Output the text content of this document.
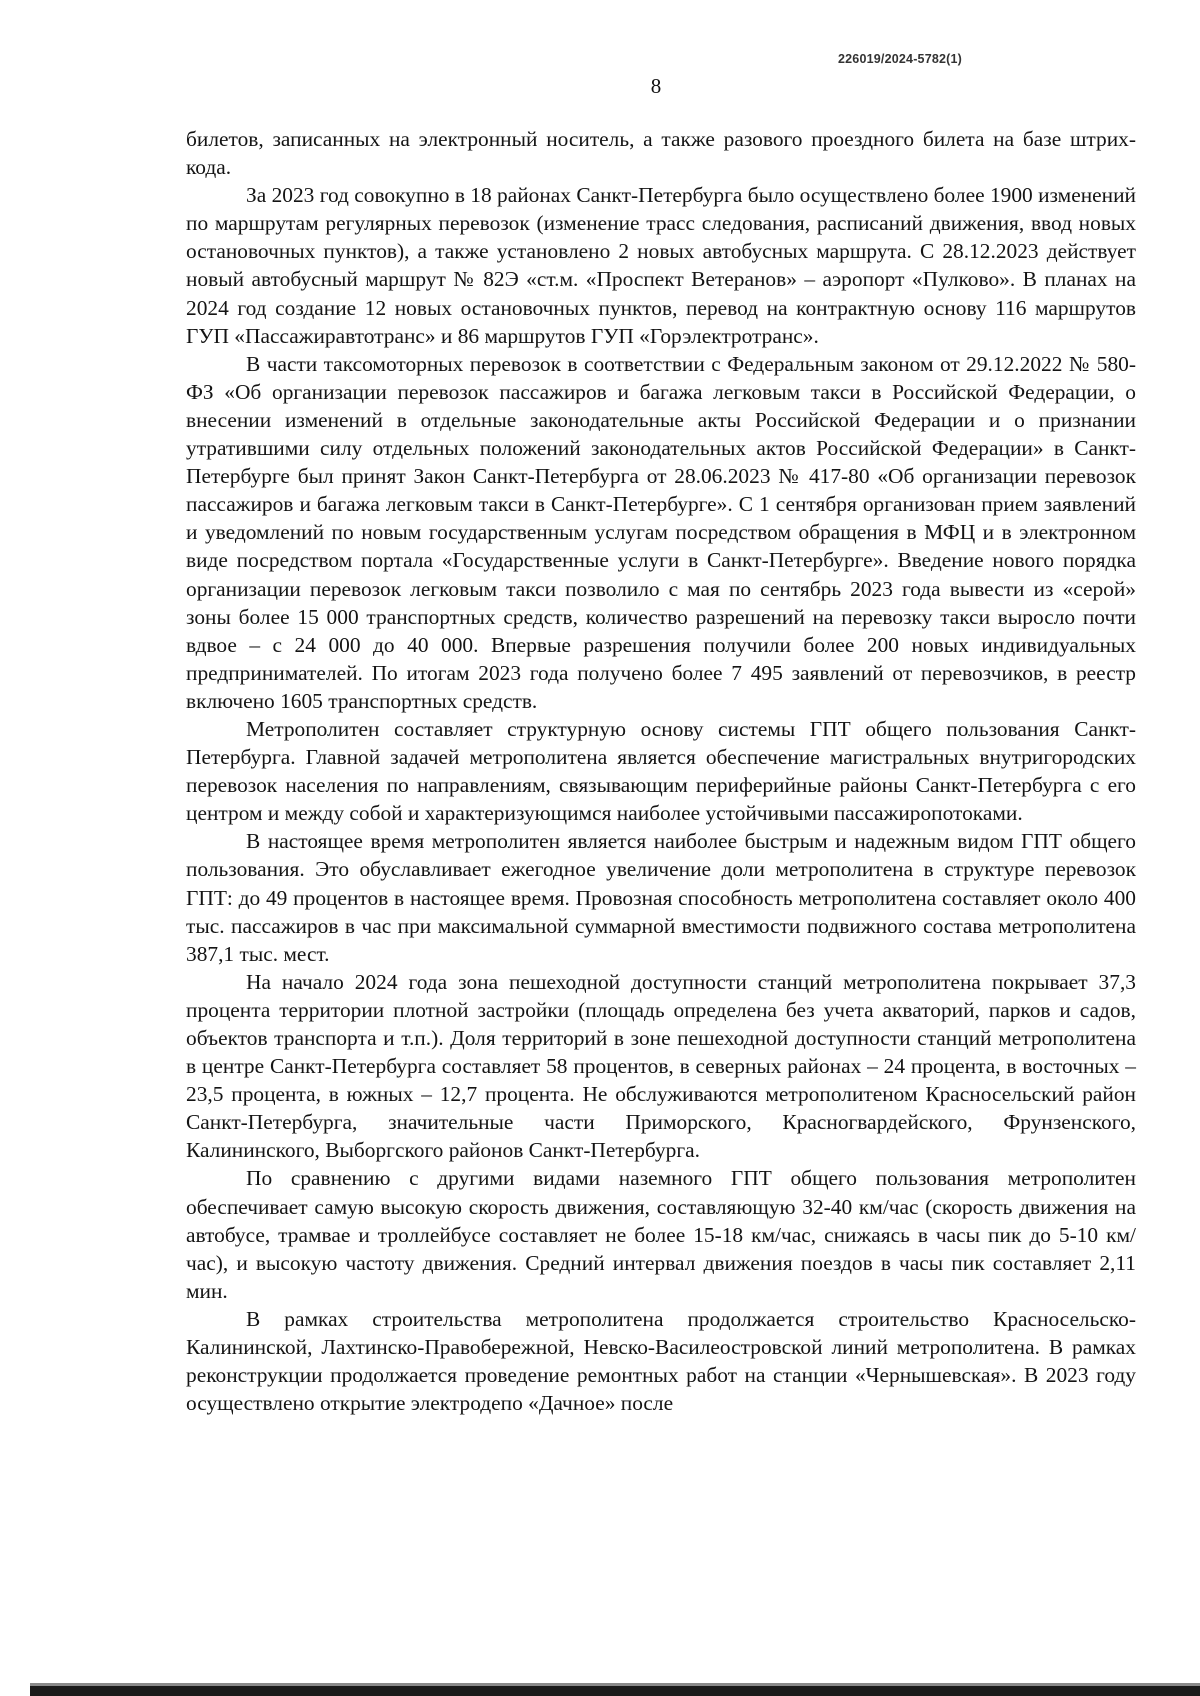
226019/2024-5782(1)
8

билетов, записанных на электронный носитель, а также разового проездного билета на базе штрих-кода.

За 2023 год совокупно в 18 районах Санкт-Петербурга было осуществлено более 1900 изменений по маршрутам регулярных перевозок (изменение трасс следования, расписаний движения, ввод новых остановочных пунктов), а также установлено 2 новых автобусных маршрута. С 28.12.2023 действует новый автобусный маршрут № 82Э «ст.м. «Проспект Ветеранов» – аэропорт «Пулково». В планах на 2024 год создание 12 новых остановочных пунктов, перевод на контрактную основу 116 маршрутов ГУП «Пассажиравтотранс» и 86 маршрутов ГУП «Горэлектротранс».

В части таксомоторных перевозок в соответствии с Федеральным законом от 29.12.2022 № 580-ФЗ «Об организации перевозок пассажиров и багажа легковым такси в Российской Федерации, о внесении изменений в отдельные законодательные акты Российской Федерации и о признании утратившими силу отдельных положений законодательных актов Российской Федерации» в Санкт-Петербурге был принят Закон Санкт-Петербурга от 28.06.2023 № 417-80 «Об организации перевозок пассажиров и багажа легковым такси в Санкт-Петербурге». С 1 сентября организован прием заявлений и уведомлений по новым государственным услугам посредством обращения в МФЦ и в электронном виде посредством портала «Государственные услуги в Санкт-Петербурге». Введение нового порядка организации перевозок легковым такси позволило с мая по сентябрь 2023 года вывести из «серой» зоны более 15 000 транспортных средств, количество разрешений на перевозку такси выросло почти вдвое – с 24 000 до 40 000. Впервые разрешения получили более 200 новых индивидуальных предпринимателей. По итогам 2023 года получено более 7 495 заявлений от перевозчиков, в реестр включено 1605 транспортных средств.

Метрополитен составляет структурную основу системы ГПТ общего пользования Санкт-Петербурга. Главной задачей метрополитена является обеспечение магистральных внутригородских перевозок населения по направлениям, связывающим периферийные районы Санкт-Петербурга с его центром и между собой и характеризующимся наиболее устойчивыми пассажиропотоками.

В настоящее время метрополитен является наиболее быстрым и надежным видом ГПТ общего пользования. Это обуславливает ежегодное увеличение доли метрополитена в структуре перевозок ГПТ: до 49 процентов в настоящее время. Провозная способность метрополитена составляет около 400 тыс. пассажиров в час при максимальной суммарной вместимости подвижного состава метрополитена 387,1 тыс. мест.

На начало 2024 года зона пешеходной доступности станций метрополитена покрывает 37,3 процента территории плотной застройки (площадь определена без учета акваторий, парков и садов, объектов транспорта и т.п.). Доля территорий в зоне пешеходной доступности станций метрополитена в центре Санкт-Петербурга составляет 58 процентов, в северных районах – 24 процента, в восточных – 23,5 процента, в южных – 12,7 процента. Не обслуживаются метрополитеном Красносельский район Санкт-Петербурга, значительные части Приморского, Красногвардейского, Фрунзенского, Калининского, Выборгского районов Санкт-Петербурга.

По сравнению с другими видами наземного ГПТ общего пользования метрополитен обеспечивает самую высокую скорость движения, составляющую 32-40 км/час (скорость движения на автобусе, трамвае и троллейбусе составляет не более 15-18 км/час, снижаясь в часы пик до 5-10 км/час), и высокую частоту движения. Средний интервал движения поездов в часы пик составляет 2,11 мин.

В рамках строительства метрополитена продолжается строительство Красносельско-Калининской, Лахтинско-Правобережной, Невско-Василеостровской линий метрополитена. В рамках реконструкции продолжается проведение ремонтных работ на станции «Чернышевская». В 2023 году осуществлено открытие электродепо «Дачное» после
